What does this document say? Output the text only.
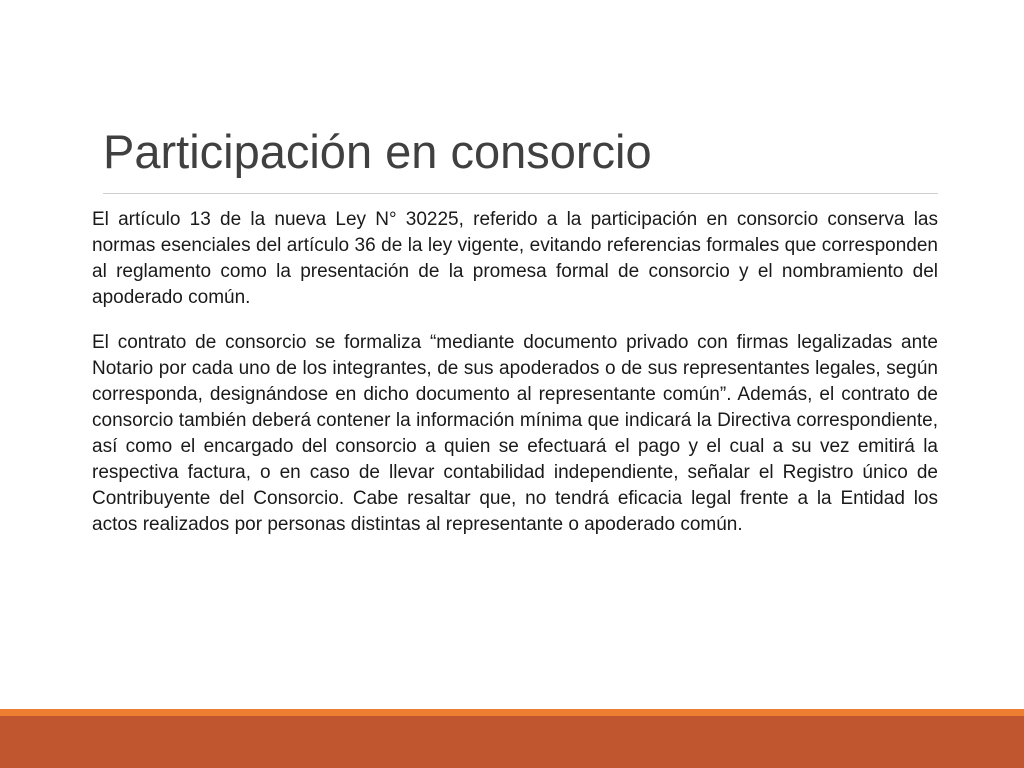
Participación en consorcio

El artículo 13 de la nueva Ley N° 30225, referido a la participación en consorcio conserva las normas esenciales del artículo 36 de la ley vigente, evitando referencias formales que corresponden al reglamento como la presentación de la promesa formal de consorcio y el nombramiento del apoderado común.

El contrato de consorcio se formaliza “mediante documento privado con firmas legalizadas ante Notario por cada uno de los integrantes, de sus apoderados o de sus representantes legales, según corresponda, designándose en dicho documento al representante común”. Además, el contrato de consorcio también deberá contener la información mínima que indicará la Directiva correspondiente, así como el encargado del consorcio a quien se efectuará el pago y el cual a su vez emitirá la respectiva factura, o en caso de llevar contabilidad independiente, señalar el Registro único de Contribuyente del Consorcio. Cabe resaltar que, no tendrá eficacia legal frente a la Entidad los actos realizados por personas distintas al representante o apoderado común.
